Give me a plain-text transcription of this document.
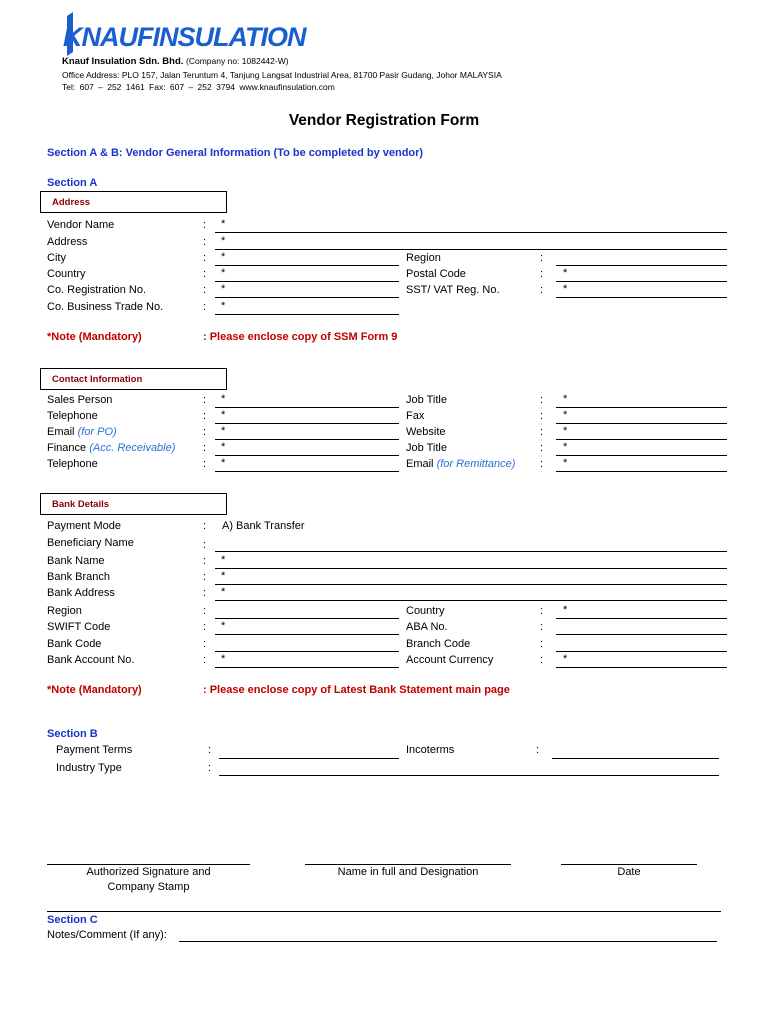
KNAUFINSULATION
Knauf Insulation Sdn. Bhd. (Company no: 1082442-W)
Office Address: PLO 157, Jalan Teruntum 4, Tanjung Langsat Industrial Area, 81700 Pasir Gudang, Johor MALAYSIA
Tel: 607 – 252 1461 Fax: 607 – 252 3794 www.knaufinsulation.com
Vendor Registration Form
Section A & B: Vendor General Information (To be completed by vendor)
Section A
Address
Vendor Name	: *
Address	: *
City	: *	Region	:
Country	: *	Postal Code	: *
Co. Registration No.	: *	SST/ VAT Reg. No.	: *
Co. Business Trade No.	: *
*Note (Mandatory)	: Please enclose copy of SSM Form 9
Contact Information
Sales Person	: *	Job Title	: *
Telephone	: *	Fax	: *
Email (for PO)	: *	Website	: *
Finance (Acc. Receivable)	: *	Job Title	: *
Telephone	: *	Email (for Remittance) : *
Bank Details
Payment Mode	: A) Bank Transfer
Beneficiary Name	:
Bank Name	: *
Bank Branch	: *
Bank Address	: *
Region	:	Country	: *
SWIFT Code	: *	ABA No.	:
Bank Code	:	Branch Code	:
Bank Account No.	: *	Account Currency	: *
*Note (Mandatory)	: Please enclose copy of Latest Bank Statement main page
Section B
Payment Terms	:	Incoterms	:
Industry Type	:
Authorized Signature and
Company Stamp
Name in full and Designation	Date
Section C
Notes/Comment (If any):
